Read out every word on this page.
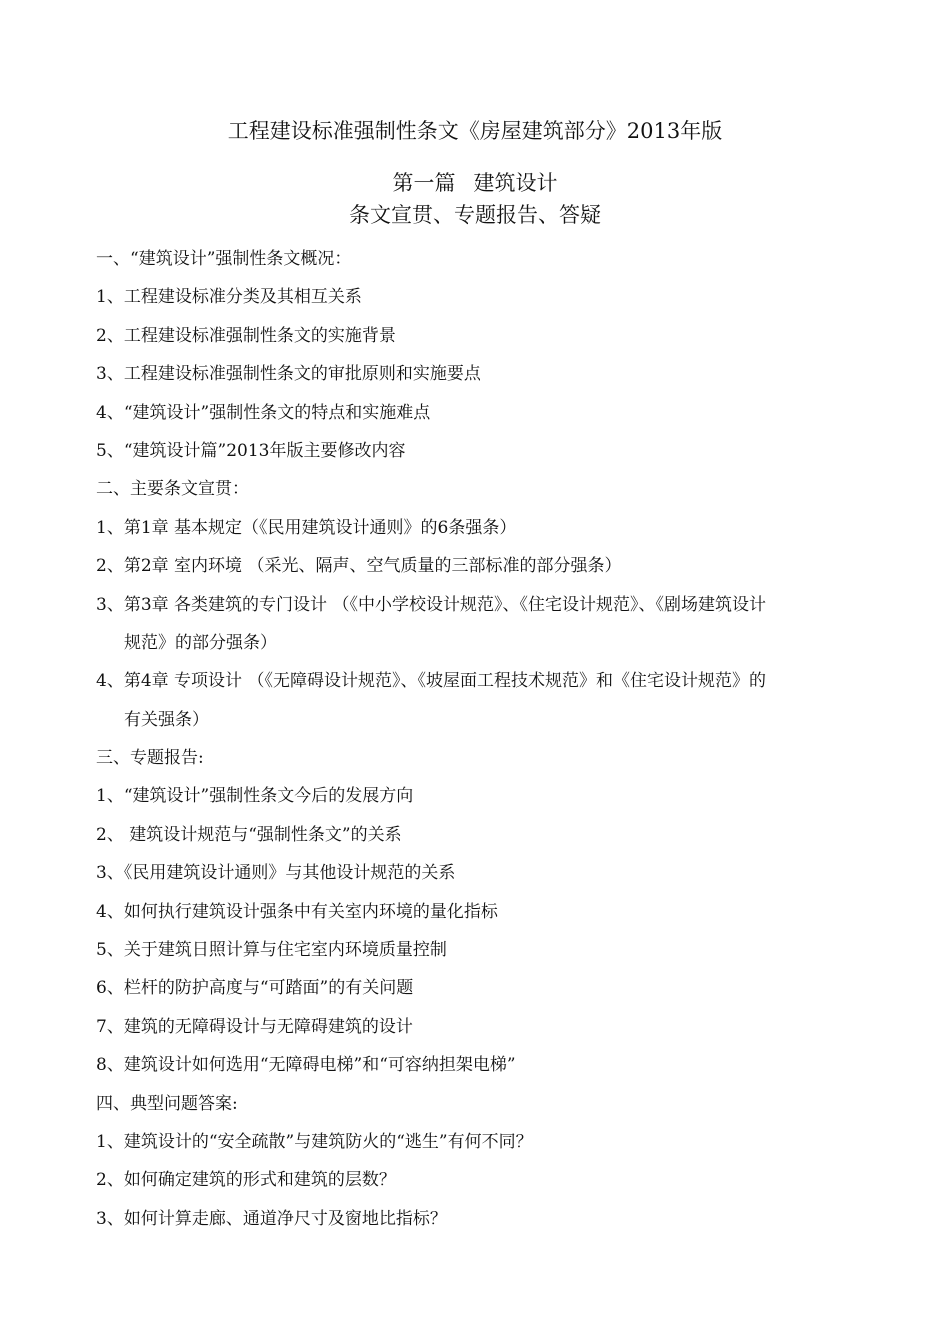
工程建设标准强制性条文《房屋建筑部分》2013年版
第一篇 建筑设计
条文宣贯、专题报告、答疑
一、“建筑设计”强制性条文概况：
1、工程建设标准分类及其相互关系
2、工程建设标准强制性条文的实施背景
3、工程建设标准强制性条文的审批原则和实施要点
4、“建筑设计”强制性条文的特点和实施难点
5、“建筑设计篇”2013年版主要修改内容
二、主要条文宣贯：
1、第1章 基本规定（《民用建筑设计通则》的6条强条）
2、第2章 室内环境 （采光、隔声、空气质量的三部标准的部分强条）
3、第3章 各类建筑的专门设计 （《中小学校设计规范》、《住宅设计规范》、《剧场建筑设计
规范》的部分强条）
4、第4章 专项设计 （《无障碍设计规范》、《坡屋面工程技术规范》和《住宅设计规范》的
有关强条）
三、专题报告:
1、“建筑设计”强制性条文今后的发展方向
2、 建筑设计规范与“强制性条文”的关系
3、《民用建筑设计通则》与其他设计规范的关系
4、如何执行建筑设计强条中有关室内环境的量化指标
5、关于建筑日照计算与住宅室内环境质量控制
6、栏杆的防护高度与“可踏面”的有关问题
7、建筑的无障碍设计与无障碍建筑的设计
8、建筑设计如何选用“无障碍电梯”和“可容纳担架电梯”
四、典型问题答案:
1、建筑设计的“安全疏散”与建筑防火的“逃生”有何不同？
2、如何确定建筑的形式和建筑的层数？
3、如何计算走廊、通道净尺寸及窗地比指标？
